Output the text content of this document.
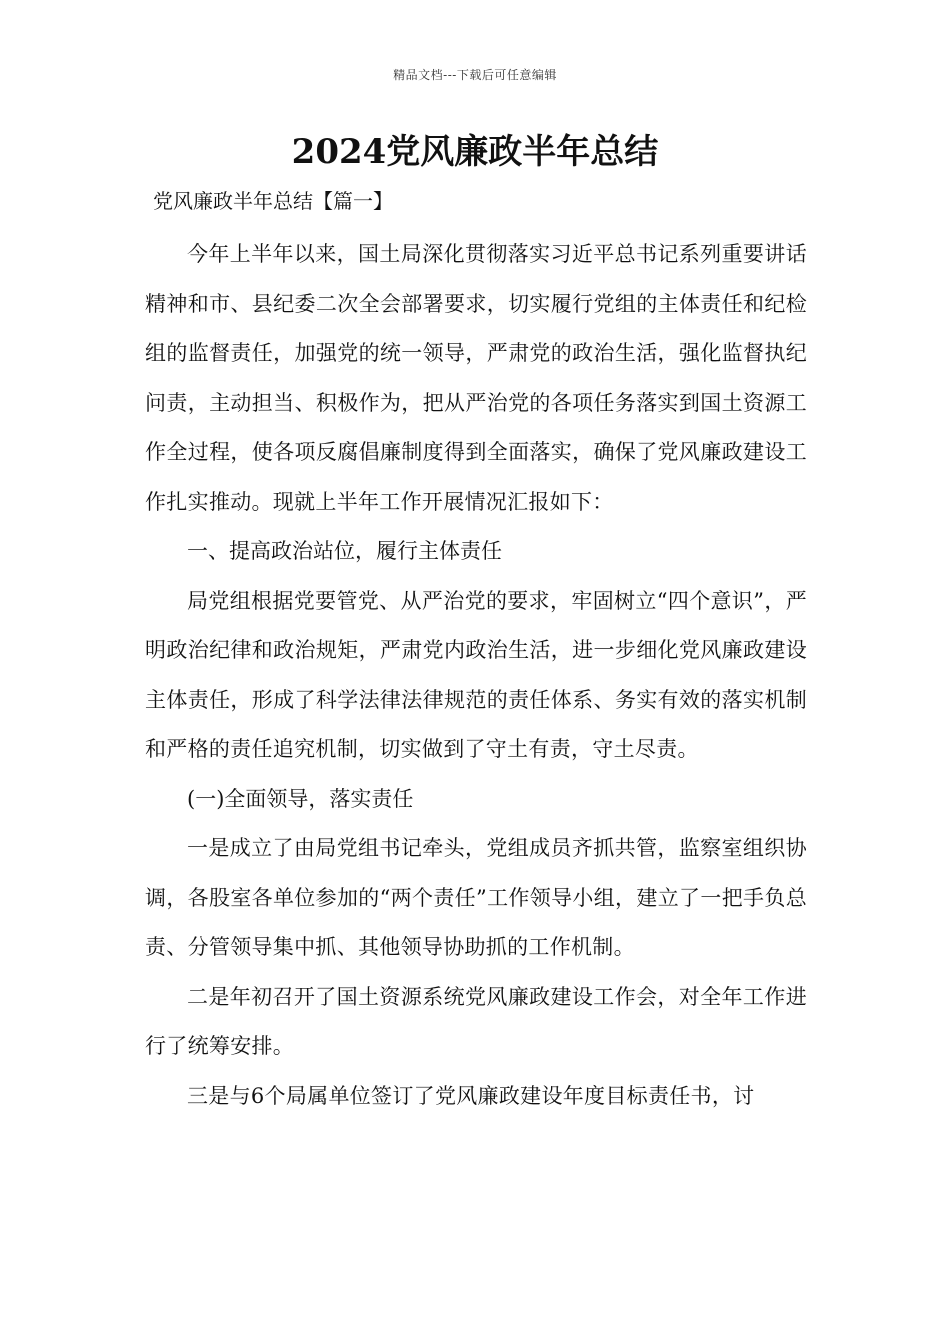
精品文档---下载后可任意编辑
2024党风廉政半年总结

党风廉政半年总结【篇一】

今年上半年以来，国土局深化贯彻落实习近平总书记系列重要讲话精神和市、县纪委二次全会部署要求，切实履行党组的主体责任和纪检组的监督责任，加强党的统一领导，严肃党的政治生活，强化监督执纪问责，主动担当、积极作为，把从严治党的各项任务落实到国土资源工作全过程，使各项反腐倡廉制度得到全面落实，确保了党风廉政建设工作扎实推动。现就上半年工作开展情况汇报如下：

一、提高政治站位，履行主体责任

局党组根据党要管党、从严治党的要求，牢固树立“四个意识”，严明政治纪律和政治规矩，严肃党内政治生活，进一步细化党风廉政建设主体责任，形成了科学法律法律规范的责任体系、务实有效的落实机制和严格的责任追究机制，切实做到了守土有责，守土尽责。

(一)全面领导，落实责任

一是成立了由局党组书记牵头，党组成员齐抓共管，监察室组织协调，各股室各单位参加的“两个责任”工作领导小组，建立了一把手负总责、分管领导集中抓、其他领导协助抓的工作机制。

二是年初召开了国土资源系统党风廉政建设工作会，对全年工作进行了统筹安排。

三是与6个局属单位签订了党风廉政建设年度目标责任书，讨
